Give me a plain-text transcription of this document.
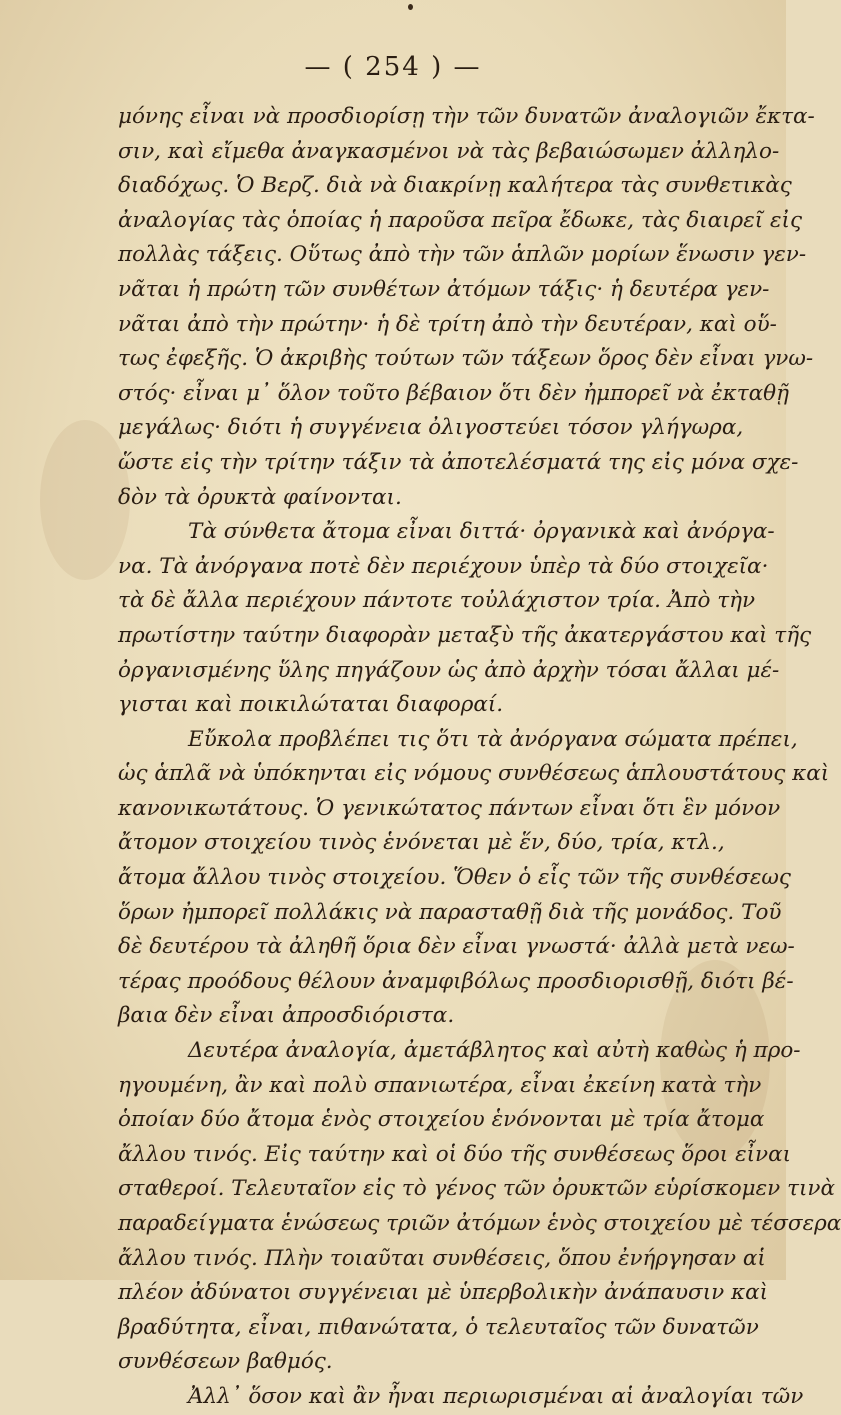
— ( 254 ) —
μόνης εἶναι νὰ προσδιορίσῃ τὴν τῶν δυνατῶν ἀναλογιῶν ἔκτα-
σιν, καὶ εἴμεθα ἀναγκασμένοι νὰ τὰς βεβαιώσωμεν ἀλληλο-
διαδόχως. Ὁ Βερζ. διὰ νὰ διακρίνῃ καλήτερα τὰς συνθετικὰς
ἀναλογίας τὰς ὁποίας ἡ παροῦσα πεῖρα ἔδωκε, τὰς διαιρεῖ εἰς
πολλὰς τάξεις. Οὕτως ἀπὸ τὴν τῶν ἁπλῶν μορίων ἕνωσιν γεν-
νᾶται ἡ πρώτη τῶν συνθέτων ἀτόμων τάξις· ἡ δευτέρα γεν-
νᾶται ἀπὸ τὴν πρώτην· ἡ δὲ τρίτη ἀπὸ τὴν δευτέραν, καὶ οὕ-
τως ἐφεξῆς. Ὁ ἀκριβὴς τούτων τῶν τάξεων ὅρος δὲν εἶναι γνω-
στός· εἶναι μ᾽ ὅλον τοῦτο βέβαιον ὅτι δὲν ἠμπορεῖ νὰ ἐκταθῇ
μεγάλως· διότι ἡ συγγένεια ὀλιγοστεύει τόσον γλήγωρα,
ὥστε εἰς τὴν τρίτην τάξιν τὰ ἀποτελέσματά της εἰς μόνα σχε-
δὸν τὰ ὀρυκτὰ φαίνονται.
Τὰ σύνθετα ἄτομα εἶναι διττά· ὀργανικὰ καὶ ἀνόργα-
να. Τὰ ἀνόργανα ποτὲ δὲν περιέχουν ὑπὲρ τὰ δύο στοιχεῖα·
τὰ δὲ ἄλλα περιέχουν πάντοτε τοὐλάχιστον τρία. Ἀπὸ τὴν
πρωτίστην ταύτην διαφορὰν μεταξὺ τῆς ἀκατεργάστου καὶ τῆς
ὀργανισμένης ὕλης πηγάζουν ὡς ἀπὸ ἀρχὴν τόσαι ἄλλαι μέ-
γισται καὶ ποικιλώταται διαφοραί.
Εὔκολα προβλέπει τις ὅτι τὰ ἀνόργανα σώματα πρέπει,
ὡς ἁπλᾶ νὰ ὑπόκηνται εἰς νόμους συνθέσεως ἁπλουστάτους καὶ
κανονικωτάτους. Ὁ γενικώτατος πάντων εἶναι ὅτι ἓν μόνον
ἄτομον στοιχείου τινὸς ἑνόνεται μὲ ἕν, δύο, τρία, κτλ.,
ἄτομα ἄλλου τινὸς στοιχείου. Ὅθεν ὁ εἷς τῶν τῆς συνθέσεως
ὅρων ἠμπορεῖ πολλάκις νὰ παρασταθῇ διὰ τῆς μονάδος. Τοῦ
δὲ δευτέρου τὰ ἀληθῆ ὅρια δὲν εἶναι γνωστά· ἀλλὰ μετὰ νεω-
τέρας προόδους θέλουν ἀναμφιβόλως προσδιορισθῇ, διότι βέ-
βαια δὲν εἶναι ἀπροσδιόριστα.
Δευτέρα ἀναλογία, ἀμετάβλητος καὶ αὐτὴ καθὼς ἡ προ-
ηγουμένη, ἂν καὶ πολὺ σπανιωτέρα, εἶναι ἐκείνη κατὰ τὴν
ὁποίαν δύο ἄτομα ἑνὸς στοιχείου ἑνόνονται μὲ τρία ἄτομα
ἄλλου τινός. Εἰς ταύτην καὶ οἱ δύο τῆς συνθέσεως ὅροι εἶναι
σταθεροί. Τελευταῖον εἰς τὸ γένος τῶν ὀρυκτῶν εὑρίσκομεν τινὰ
παραδείγματα ἑνώσεως τριῶν ἀτόμων ἑνὸς στοιχείου μὲ τέσσερα
ἄλλου τινός. Πλὴν τοιαῦται συνθέσεις, ὅπου ἐνήργησαν αἱ
πλέον ἀδύνατοι συγγένειαι μὲ ὑπερβολικὴν ἀνάπαυσιν καὶ
βραδύτητα, εἶναι, πιθανώτατα, ὁ τελευταῖος τῶν δυνατῶν
συνθέσεων βαθμός.
Ἀλλ᾽ ὅσον καὶ ἂν ἦναι περιωρισμέναι αἱ ἀναλογίαι τῶν
